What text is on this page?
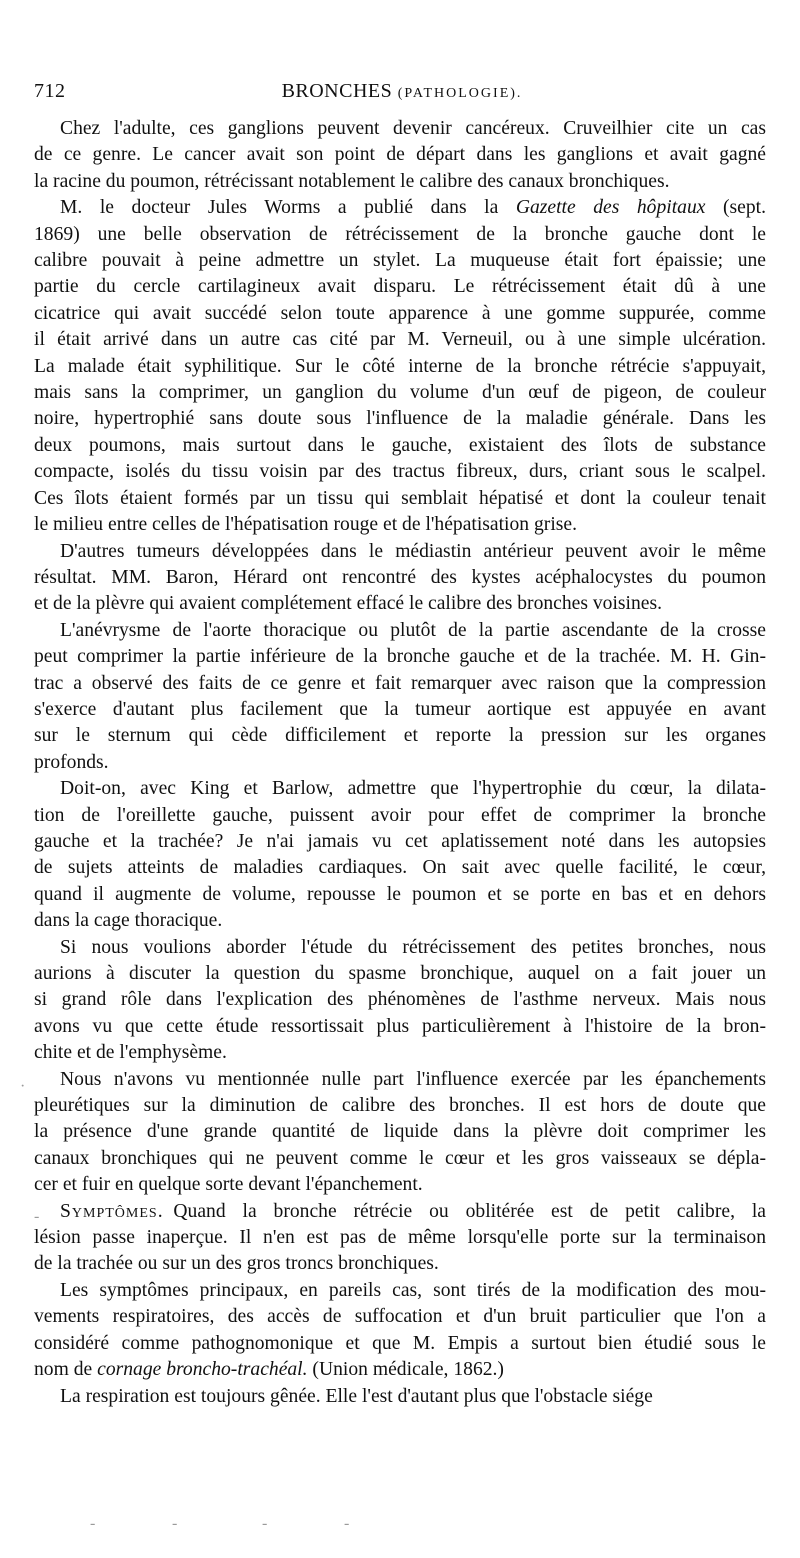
712	BRONCHES (PATHOLOGIE).

Chez l'adulte, ces ganglions peuvent devenir cancéreux. Cruveilhier cite un cas
de ce genre. Le cancer avait son point de départ dans les ganglions et avait gagné
la racine du poumon, rétrécissant notablement le calibre des canaux bronchiques.

M. le docteur Jules Worms a publié dans la Gazette des hôpitaux (sept.
1869) une belle observation de rétrécissement de la bronche gauche dont le
calibre pouvait à peine admettre un stylet. La muqueuse était fort épaissie; une
partie du cercle cartilagineux avait disparu. Le rétrécissement était dû à une
cicatrice qui avait succédé selon toute apparence à une gomme suppurée, comme
il était arrivé dans un autre cas cité par M. Verneuil, ou à une simple ulcération.
La malade était syphilitique. Sur le côté interne de la bronche rétrécie s'appuyait,
mais sans la comprimer, un ganglion du volume d'un œuf de pigeon, de couleur
noire, hypertrophié sans doute sous l'influence de la maladie générale. Dans les
deux poumons, mais surtout dans le gauche, existaient des îlots de substance
compacte, isolés du tissu voisin par des tractus fibreux, durs, criant sous le scalpel.
Ces îlots étaient formés par un tissu qui semblait hépatisé et dont la couleur tenait
le milieu entre celles de l'hépatisation rouge et de l'hépatisation grise.

D'autres tumeurs développées dans le médiastin antérieur peuvent avoir le même
résultat. MM. Baron, Hérard ont rencontré des kystes acéphalocystes du poumon
et de la plèvre qui avaient complétement effacé le calibre des bronches voisines.

L'anévrysme de l'aorte thoracique ou plutôt de la partie ascendante de la crosse
peut comprimer la partie inférieure de la bronche gauche et de la trachée. M. H. Gin-
trac a observé des faits de ce genre et fait remarquer avec raison que la compression
s'exerce d'autant plus facilement que la tumeur aortique est appuyée en avant
sur le sternum qui cède difficilement et reporte la pression sur les organes
profonds.

Doit-on, avec King et Barlow, admettre que l'hypertrophie du cœur, la dilata-
tion de l'oreillette gauche, puissent avoir pour effet de comprimer la bronche
gauche et la trachée? Je n'ai jamais vu cet aplatissement noté dans les autopsies
de sujets atteints de maladies cardiaques. On sait avec quelle facilité, le cœur,
quand il augmente de volume, repousse le poumon et se porte en bas et en dehors
dans la cage thoracique.

Si nous voulions aborder l'étude du rétrécissement des petites bronches, nous
aurions à discuter la question du spasme bronchique, auquel on a fait jouer un
si grand rôle dans l'explication des phénomènes de l'asthme nerveux. Mais nous
avons vu que cette étude ressortissait plus particulièrement à l'histoire de la bron-
chite et de l'emphysème.

Nous n'avons vu mentionnée nulle part l'influence exercée par les épanchements
pleurétiques sur la diminution de calibre des bronches. Il est hors de doute que
la présence d'une grande quantité de liquide dans la plèvre doit comprimer les
canaux bronchiques qui ne peuvent comme le cœur et les gros vaisseaux se dépla-
cer et fuir en quelque sorte devant l'épanchement.

Symptômes.  Quand la bronche rétrécie ou oblitérée est de petit calibre, la
lésion passe inaperçue. Il n'en est pas de même lorsqu'elle porte sur la terminaison
de la trachée ou sur un des gros troncs bronchiques.

Les symptômes principaux, en pareils cas, sont tirés de la modification des mou-
vements respiratoires, des accès de suffocation et d'un bruit particulier que l'on a
considéré comme pathognomonique et que M. Empis a surtout bien étudié sous le
nom de cornage broncho-trachéal. (Union médicale, 1862.)

La respiration est toujours gênée. Elle l'est d'autant plus que l'obstacle siége

·
-
-	-	-	-
